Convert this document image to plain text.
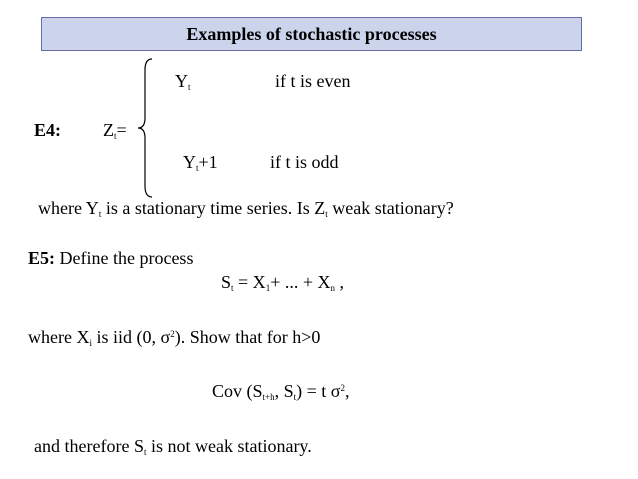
Examples of stochastic processes
$Y_t$	if t is even
E4: $Z_t=$
$Y_t+1$	if t is odd
where $Y_t$ is a stationary time series. Is $Z_t$ weak stationary?
E5: Define the process
$S_t = X_1+$ ... + $X_n$ ,
where $X_i$ is iid (0, $\sigma^2$). Show that for h>0
Cov ($S_{t+h}$, $S_t) = t$ $\sigma^2$,
and therefore $S_t$ is not weak stationary.
